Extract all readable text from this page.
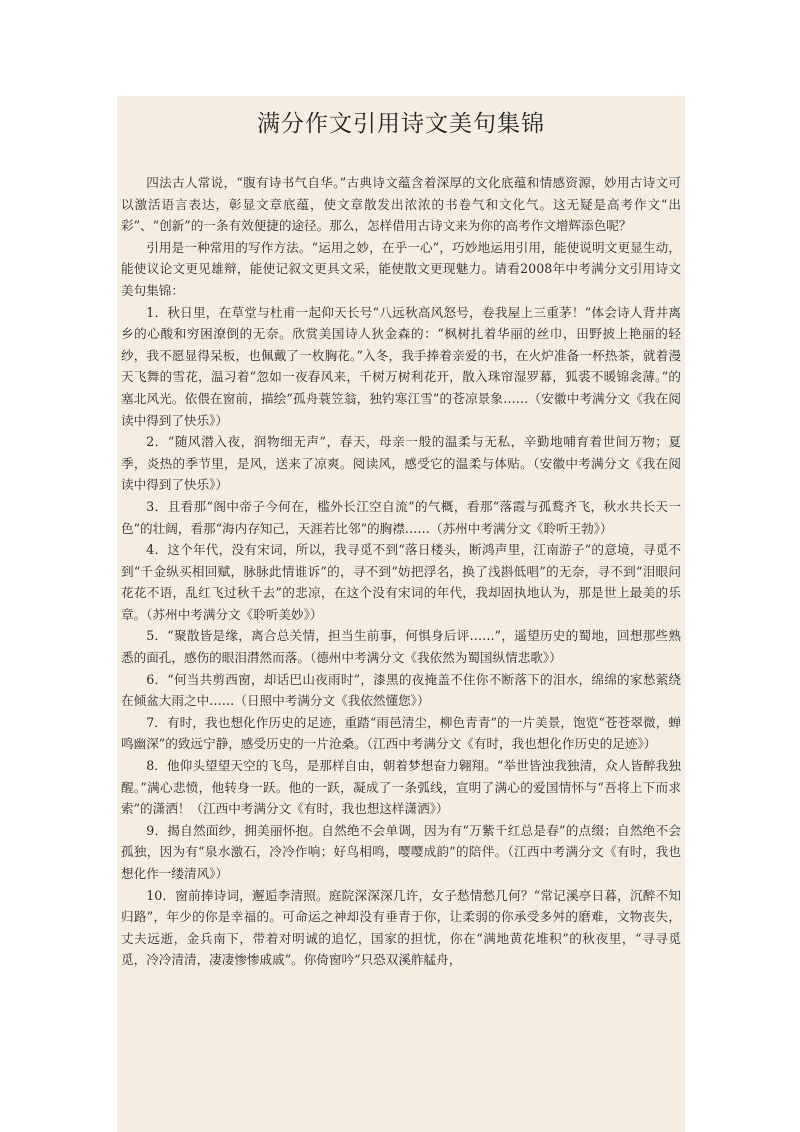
满分作文引用诗文美句集锦

四法古人常说，“腹有诗书气自华。”古典诗文蕴含着深厚的文化底蕴和情感资源，妙用古诗文可以激活语言表达，彰显文章底蕴，使文章散发出浓浓的书卷气和文化气。这无疑是高考作文“出彩”、“创新”的一条有效便捷的途径。那么，怎样借用古诗文来为你的高考作文增辉添色呢？

引用是一种常用的写作方法。“运用之妙，在乎一心”，巧妙地运用引用，能使说明文更显生动，能使议论文更见雄辩，能使记叙文更具文采，能使散文更现魅力。请看2008年中考满分文引用诗文美句集锦：

1．秋日里，在草堂与杜甫一起仰天长号“八远秋高风怒号，卷我屋上三重茅！”体会诗人背井离乡的心酸和穷困潦倒的无奈。欣赏美国诗人狄金森的：“枫树扎着华丽的丝巾，田野披上艳丽的轻纱，我不愿显得呆板，也佩戴了一枚胸花。”入冬，我手捧着亲爱的书，在火炉准备一杯热茶，就着漫天飞舞的雪花，温习着“忽如一夜春风来，千树万树利花开，散入珠帘湿罗幕，狐裘不暖锦衾薄。”的塞北风光。依偎在窗前，描绘“孤舟蓑笠翁，独钓寒江雪”的苍凉景象……（安徽中考满分文《我在阅读中得到了快乐》）

2．“随风潜入夜，润物细无声”，春天，母亲一般的温柔与无私，辛勤地哺育着世间万物；夏季，炎热的季节里，是风，送来了凉爽。阅读风，感受它的温柔与体贴。（安徽中考满分文《我在阅读中得到了快乐》）

3．且看那“阁中帝子今何在，槛外长江空自流”的气概，看那“落霞与孤鹜齐飞，秋水共长天一色”的壮阔，看那“海内存知己，天涯若比邻”的胸襟……（苏州中考满分文《聆听王勃》）

4．这个年代，没有宋词，所以，我寻觅不到“落日楼头，断鸿声里，江南游子”的意境，寻觅不到“千金纵买相回赋，脉脉此情谁诉”的，寻不到“妨把浮名，换了浅斟低唱”的无奈，寻不到“泪眼问花花不语，乱红飞过秋千去”的悲凉，在这个没有宋词的年代，我却固执地认为，那是世上最美的乐章。（苏州中考满分文《聆听美妙》）

5．“聚散皆是缘，离合总关情，担当生前事，何惧身后评……”，遥望历史的蜀地，回想那些熟悉的面孔，感伤的眼泪潸然而落。（德州中考满分文《我依然为蜀国纵情悲歌》）

6．“何当共剪西窗，却话巴山夜雨时”，漆黑的夜掩盖不住你不断落下的泪水，绵绵的家愁萦绕在倾盆大雨之中……（日照中考满分文《我依然懂您》）

7．有时，我也想化作历史的足迹，重踏“雨邑清尘，柳色青青”的一片美景，饱览“苍苍翠微，蝉鸣幽深”的致远宁静，感受历史的一片沧桑。（江西中考满分文《有时，我也想化作历史的足迹》）

8．他仰头望望天空的飞鸟，是那样自由，朝着梦想奋力翱翔。“举世皆浊我独清，众人皆醉我独醒。”满心悲愤，他转身一跃。他的一跃，凝成了一条弧线，宣明了满心的爱国情怀与“吾将上下而求索”的潇洒！（江西中考满分文《有时，我也想这样潇洒》）

9．揭自然面纱，拥美丽怀抱。自然绝不会单调，因为有“万紫千红总是春”的点缀；自然绝不会孤独，因为有“泉水激石，冷冷作响；好鸟相鸣，嘤嘤成韵”的陪伴。（江西中考满分文《有时，我也想化作一缕清风》）

10．窗前捧诗词，邂逅李清照。庭院深深深几许，女子愁情愁几何？“常记溪亭日暮，沉醉不知归路”，年少的你是幸福的。可命运之神却没有垂青于你，让柔弱的你承受多舛的磨难，文物丧失，丈夫远逝，金兵南下，带着对明诚的追忆，国家的担忧，你在“满地黄花堆积”的秋夜里，“寻寻觅觅，冷冷清清，凄凄惨惨戚戚”。你倚窗吟“只恐双溪舴艋舟，
